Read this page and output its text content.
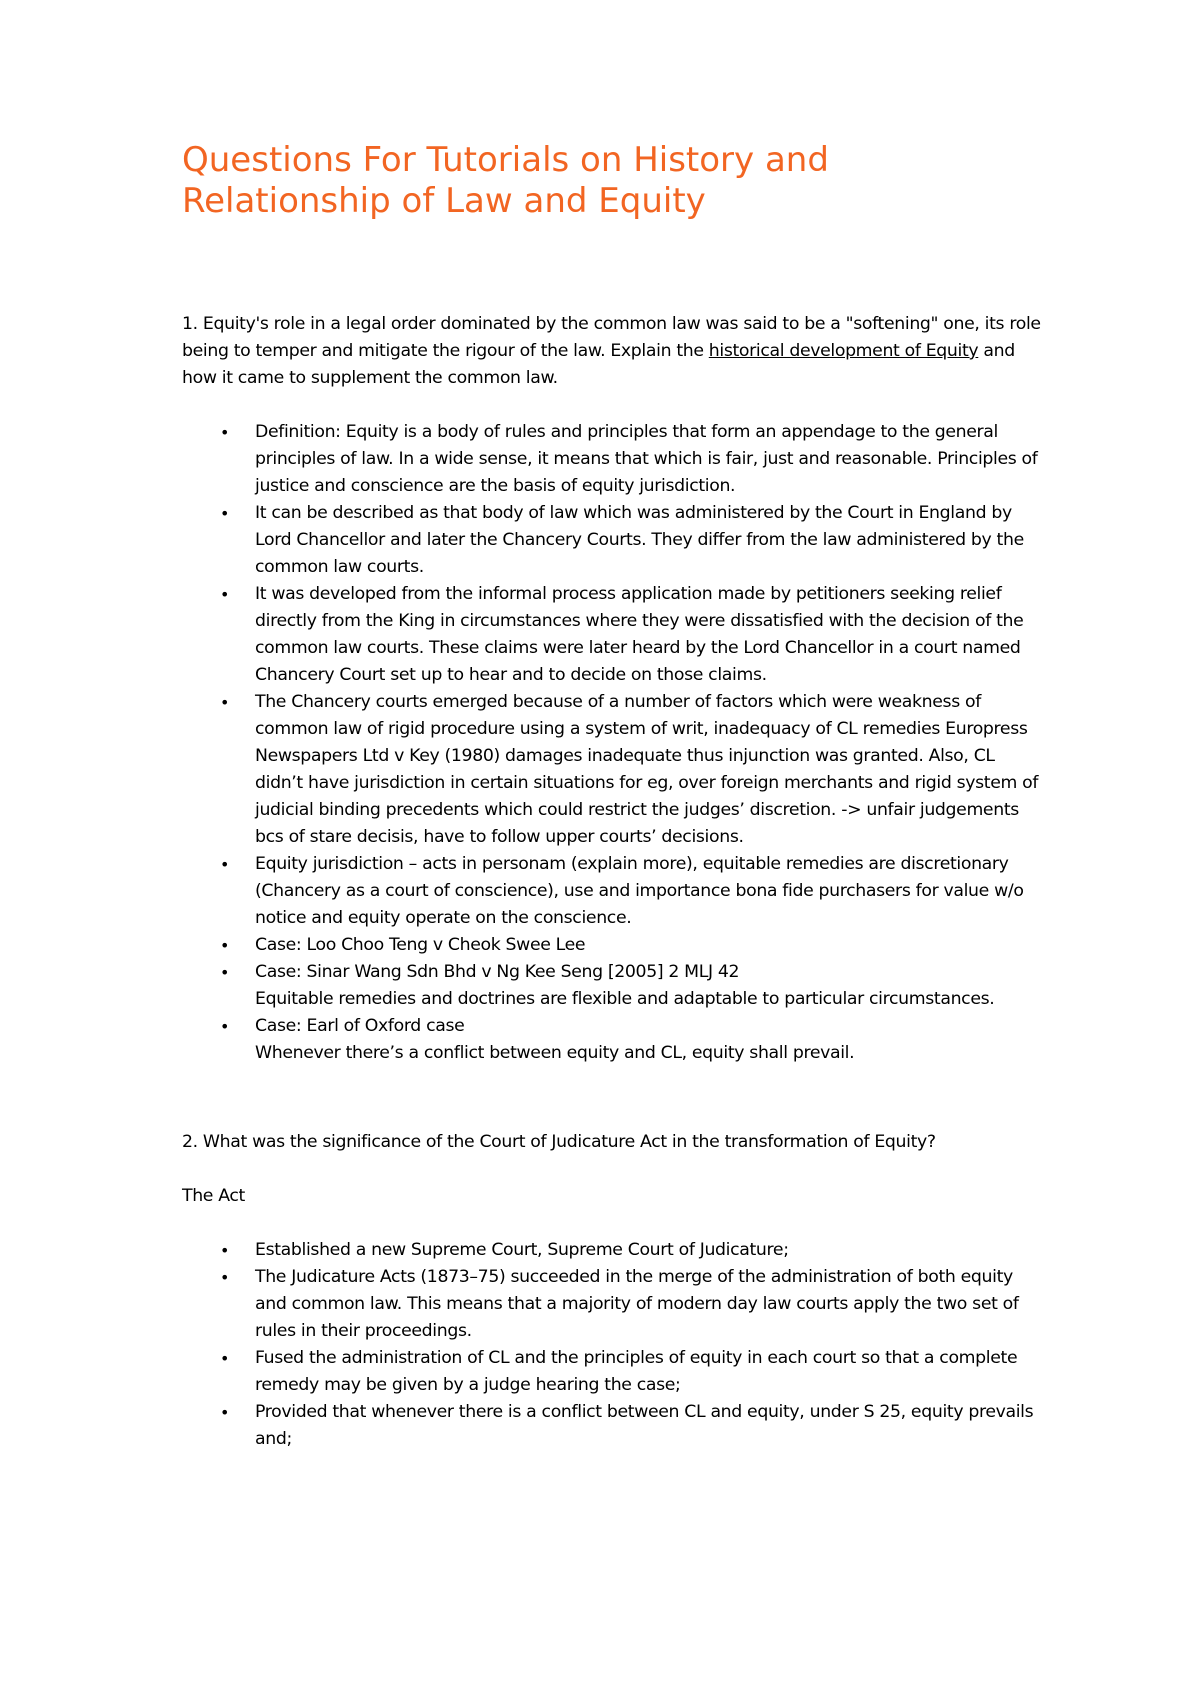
Questions For Tutorials on History and
Relationship of Law and Equity

1. Equity's role in a legal order dominated by the common law was said to be a "softening" one, its role being to temper and mitigate the rigour of the law. Explain the historical development of Equity and how it came to supplement the common law.

• Definition: Equity is a body of rules and principles that form an appendage to the general principles of law. In a wide sense, it means that which is fair, just and reasonable. Principles of justice and conscience are the basis of equity jurisdiction.
• It can be described as that body of law which was administered by the Court in England by Lord Chancellor and later the Chancery Courts. They differ from the law administered by the common law courts.
• It was developed from the informal process application made by petitioners seeking relief directly from the King in circumstances where they were dissatisfied with the decision of the common law courts. These claims were later heard by the Lord Chancellor in a court named Chancery Court set up to hear and to decide on those claims.
• The Chancery courts emerged because of a number of factors which were weakness of common law of rigid procedure using a system of writ, inadequacy of CL remedies Europress Newspapers Ltd v Key (1980) damages inadequate thus injunction was granted. Also, CL didn’t have jurisdiction in certain situations for eg, over foreign merchants and rigid system of judicial binding precedents which could restrict the judges’ discretion. -> unfair judgements bcs of stare decisis, have to follow upper courts’ decisions.
• Equity jurisdiction – acts in personam (explain more), equitable remedies are discretionary (Chancery as a court of conscience), use and importance bona fide purchasers for value w/o notice and equity operate on the conscience.
• Case: Loo Choo Teng v Cheok Swee Lee
• Case: Sinar Wang Sdn Bhd v Ng Kee Seng [2005] 2 MLJ 42
Equitable remedies and doctrines are flexible and adaptable to particular circumstances.
• Case: Earl of Oxford case
Whenever there’s a conflict between equity and CL, equity shall prevail.

2. What was the significance of the Court of Judicature Act in the transformation of Equity?

The Act

• Established a new Supreme Court, Supreme Court of Judicature;
• The Judicature Acts (1873–75) succeeded in the merge of the administration of both equity and common law. This means that a majority of modern day law courts apply the two set of rules in their proceedings.
• Fused the administration of CL and the principles of equity in each court so that a complete remedy may be given by a judge hearing the case;
• Provided that whenever there is a conflict between CL and equity, under S 25, equity prevails and;
